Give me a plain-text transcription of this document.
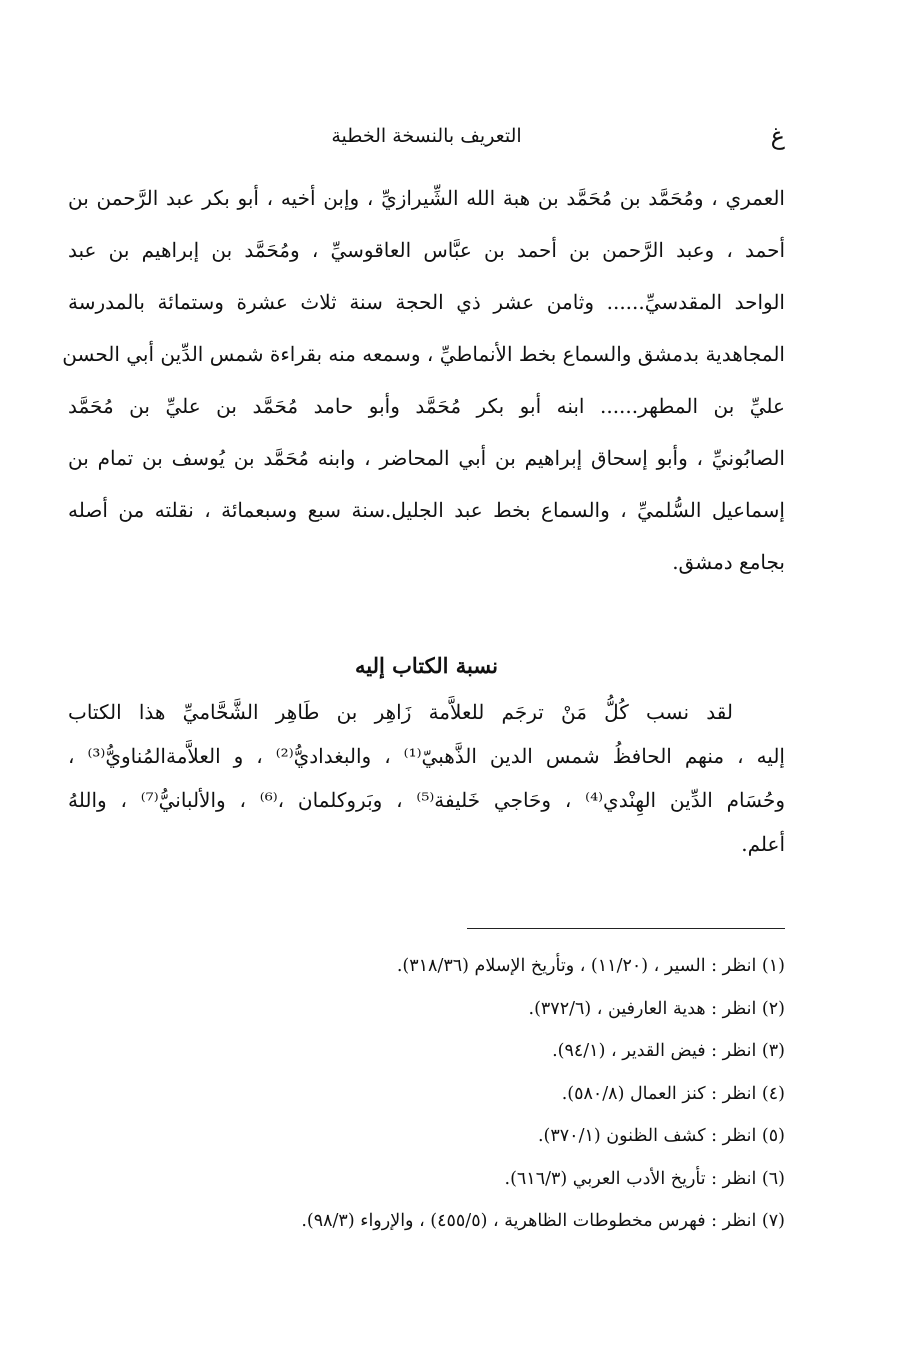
غ
التعريف بالنسخة الخطية
العمري ، ومُحَمَّد بن مُحَمَّد بن هبة الله الشِّيرازيِّ ، وإبن أخيه ، أبو بكر عبد الرَّحمن بن
أحمد ، وعبد الرَّحمن بن أحمد بن عبَّاس العاقوسيِّ ، ومُحَمَّد بن إبراهيم بن عبد
الواحد المقدسيِّ...... وثامن عشر ذي الحجة سنة ثلاث عشرة وستمائة بالمدرسة
المجاهدية بدمشق والسماع بخط الأنماطيِّ ، وسمعه منه بقراءة شمس الدِّين أبي الحسن
عليِّ بن المطهر...... ابنه أبو بكر مُحَمَّد وأبو حامد مُحَمَّد بن عليِّ بن مُحَمَّد
الصابُونيِّ ، وأبو إسحاق إبراهيم بن أبي المحاضر ، وابنه مُحَمَّد بن يُوسف بن تمام بن
إسماعيل السُّلميِّ ، والسماع بخط عبد الجليل.سنة سبع وسبعمائة ، نقلته من أصله
بجامع دمشق.
نسبة الكتاب إليه
لقد نسب كُلُّ مَنْ ترجَم للعلاَّمة زَاهِر بن طَاهِر الشَّحَّاميِّ هذا الكتاب
إليه ، منهم الحافظُ شمس الدين الذَّهبيّ⁽¹⁾ ، والبغداديُّ⁽²⁾ ، و العلاَّمةالمُناويُّ⁽³⁾ ،
وحُسَام الدِّين الهِنْدي⁽⁴⁾ ، وحَاجي خَليفة⁽⁵⁾ ، وبَروكلمان ،⁽⁶⁾ ، والألبانيُّ⁽⁷⁾ ، واللهُ
أعلم.
(١) انظر : السير ، (١١/٢٠) ، وتأريخ الإسلام (٣١٨/٣٦).
(٢) انظر : هدية العارفين ، (٣٧٢/٦).
(٣) انظر : فيض القدير ، (٩٤/١).
(٤) انظر : كنز العمال (٥٨٠/٨).
(٥) انظر : كشف الظنون (٣٧٠/١).
(٦) انظر : تأريخ الأدب العربي (٦١٦/٣).
(٧) انظر : فهرس مخطوطات الظاهرية ، (٤٥٥/٥) ، والإرواء (٩٨/٣).
